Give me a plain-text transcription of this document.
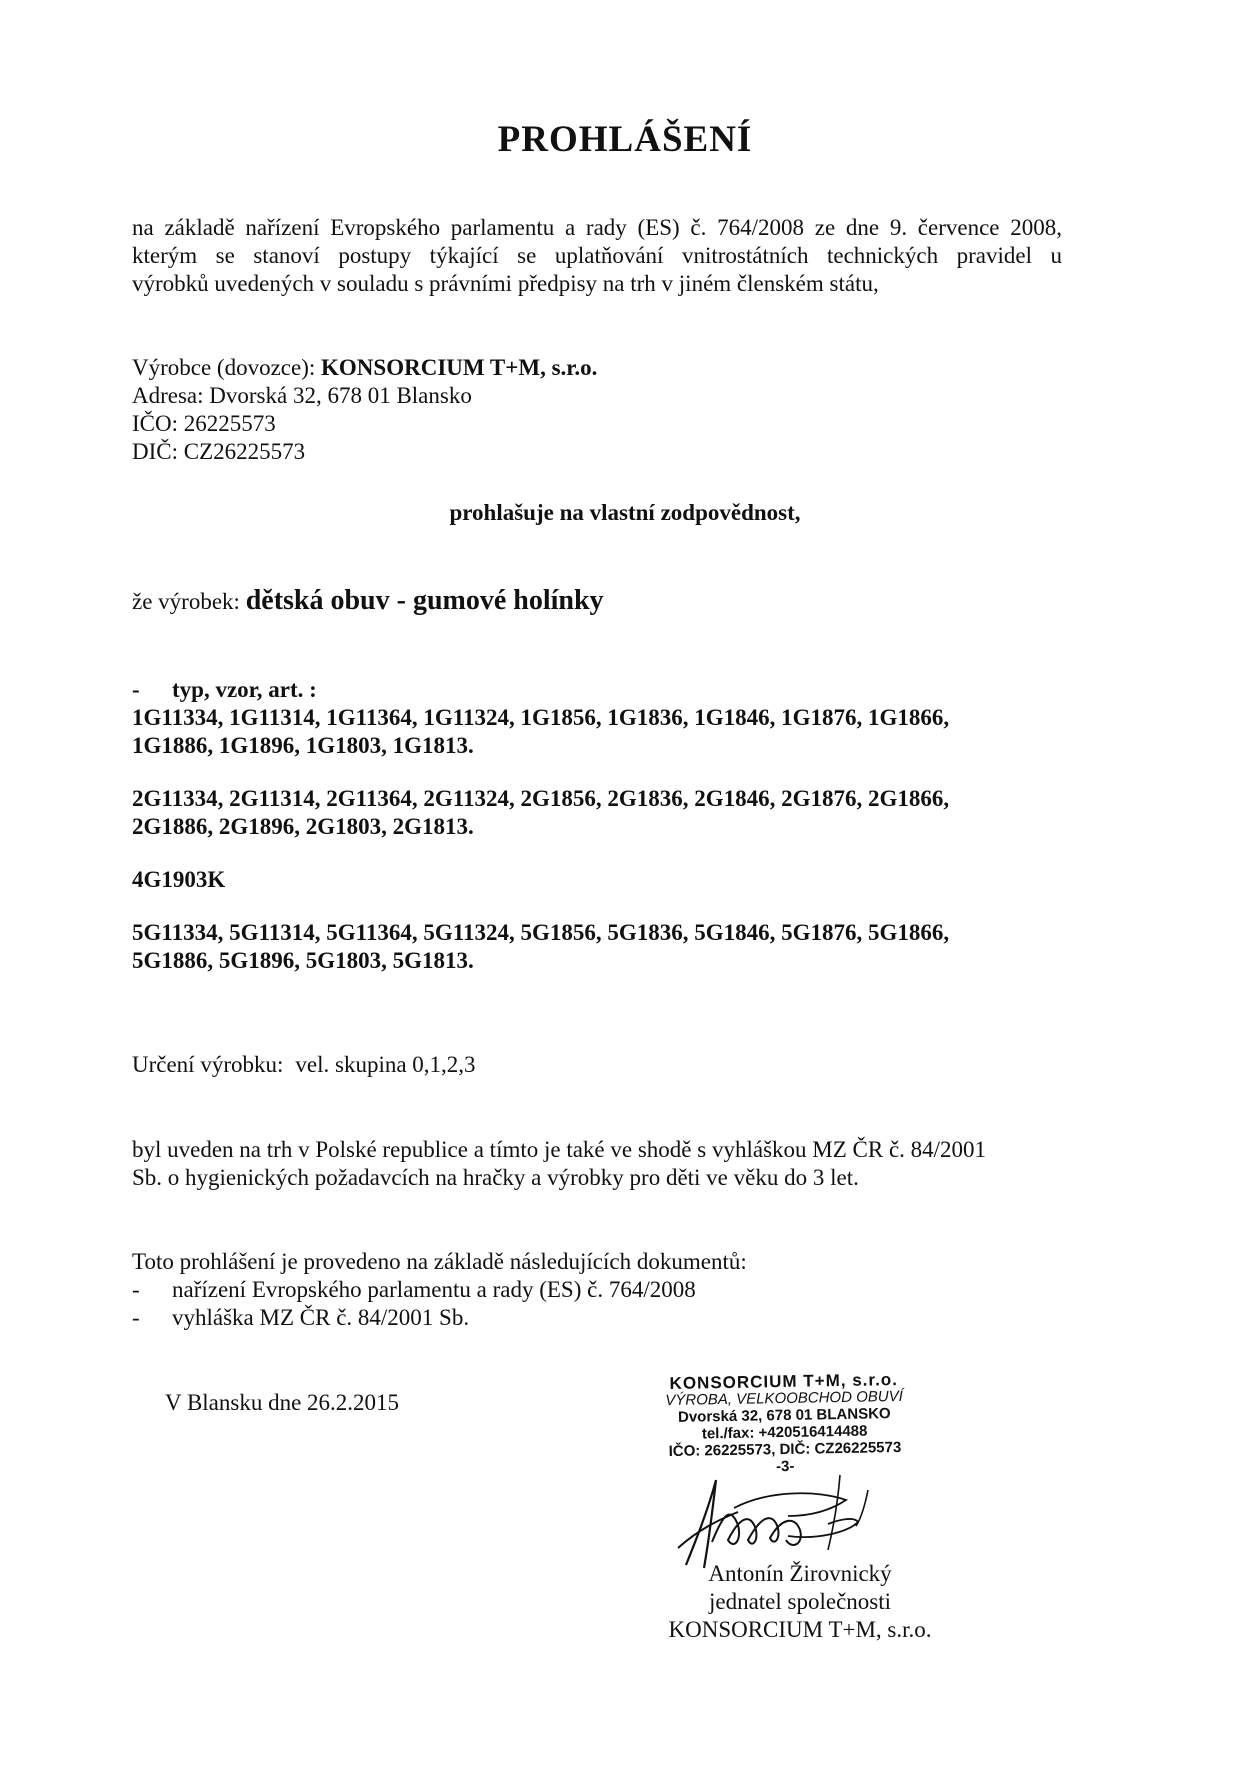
PROHLÁŠENÍ
na základě nařízení Evropského parlamentu a rady (ES) č. 764/2008 ze dne 9. července 2008,
kterým se stanoví postupy týkající se uplatňování vnitrostátních technických pravidel u
výrobků uvedených v souladu s právními předpisy na trh v jiném členském státu,
Výrobce (dovozce): KONSORCIUM T+M, s.r.o.
Adresa: Dvorská 32, 678 01 Blansko
IČO: 26225573
DIČ: CZ26225573
prohlašuje na vlastní zodpovědnost,
že výrobek: dětská obuv - gumové holínky
- typ, vzor, art. :
1G11334, 1G11314, 1G11364, 1G11324, 1G1856, 1G1836, 1G1846, 1G1876, 1G1866,
1G1886, 1G1896, 1G1803, 1G1813.
2G11334, 2G11314, 2G11364, 2G11324, 2G1856, 2G1836, 2G1846, 2G1876, 2G1866,
2G1886, 2G1896, 2G1803, 2G1813.
4G1903K
5G11334, 5G11314, 5G11364, 5G11324, 5G1856, 5G1836, 5G1846, 5G1876, 5G1866,
5G1886, 5G1896, 5G1803, 5G1813.
Určení výrobku: vel. skupina 0,1,2,3
byl uveden na trh v Polské republice a tímto je také ve shodě s vyhláškou MZ ČR č. 84/2001
Sb. o hygienických požadavcích na hračky a výrobky pro děti ve věku do 3 let.
Toto prohlášení je provedeno na základě následujících dokumentů:
- nařízení Evropského parlamentu a rady (ES) č. 764/2008
- vyhláška MZ ČR č. 84/2001 Sb.
V Blansku dne 26.2.2015
KONSORCIUM T+M, s.r.o.
VÝROBA, VELKOOBCHOD OBUVÍ
Dvorská 32, 678 01 BLANSKO
tel./fax: +420516414488
IČO: 26225573, DIČ: CZ26225573
-3-
Antonín Žirovnický
jednatel společnosti
KONSORCIUM T+M, s.r.o.
